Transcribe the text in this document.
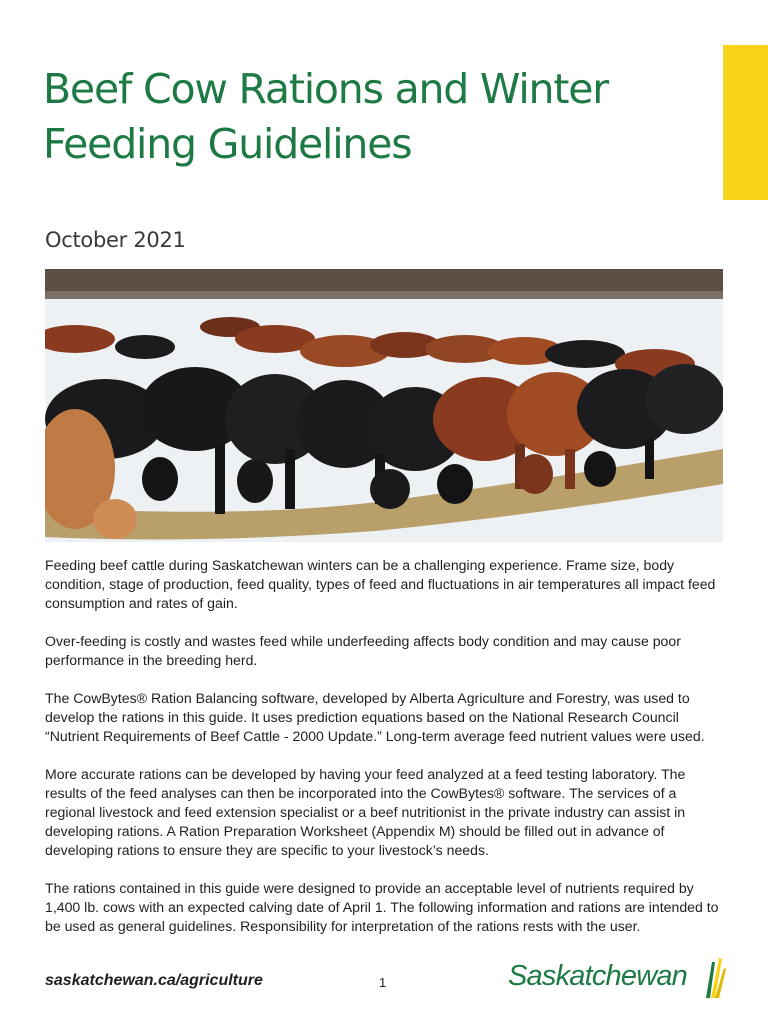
Beef Cow Rations and Winter Feeding Guidelines
October 2021

Feeding beef cattle during Saskatchewan winters can be a challenging experience. Frame size, body condition, stage of production, feed quality, types of feed and fluctuations in air temperatures all impact feed consumption and rates of gain.

Over-feeding is costly and wastes feed while underfeeding affects body condition and may cause poor performance in the breeding herd.

The CowBytes® Ration Balancing software, developed by Alberta Agriculture and Forestry, was used to develop the rations in this guide. It uses prediction equations based on the National Research Council “Nutrient Requirements of Beef Cattle - 2000 Update.” Long-term average feed nutrient values were used.

More accurate rations can be developed by having your feed analyzed at a feed testing laboratory. The results of the feed analyses can then be incorporated into the CowBytes® software. The services of a regional livestock and feed extension specialist or a beef nutritionist in the private industry can assist in developing rations. A Ration Preparation Worksheet (Appendix M) should be filled out in advance of developing rations to ensure they are specific to your livestock’s needs.

The rations contained in this guide were designed to provide an acceptable level of nutrients required by 1,400 lb. cows with an expected calving date of April 1. The following information and rations are intended to be used as general guidelines. Responsibility for interpretation of the rations rests with the user.

saskatchewan.ca/agriculture	1	Saskatchewan
